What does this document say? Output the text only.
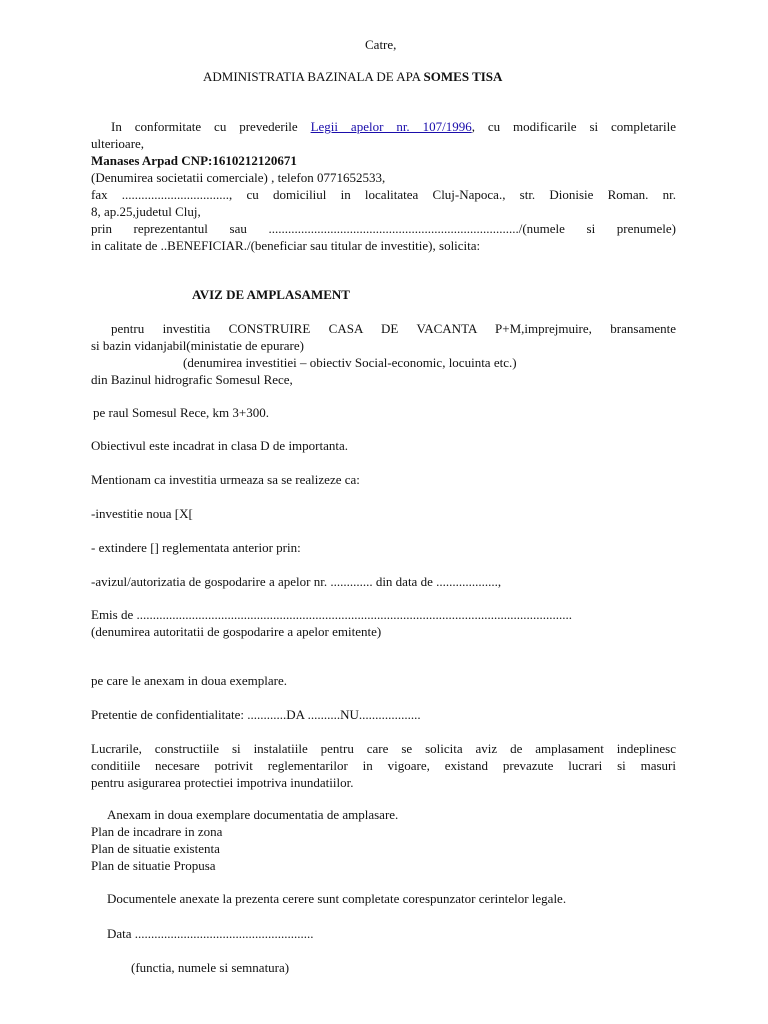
Catre,
ADMINISTRATIA BAZINALA DE APA SOMES TISA
In conformitate cu prevederile Legii apelor nr. 107/1996, cu modificarile si completarile
ulterioare,
Manases Arpad CNP:1610212120671
(Denumirea societatii comerciale) , telefon 0771652533,
fax ................................., cu domiciliul in localitatea Cluj-Napoca., str. Dionisie Roman. nr.
8, ap.25,judetul Cluj,
prin reprezentantul sau ............................................................................./(numele si prenumele)
in calitate de ..BENEFICIAR./(beneficiar sau titular de investitie), solicita:
AVIZ DE AMPLASAMENT
pentru investitia CONSTRUIRE CASA DE VACANTA P+M,imprejmuire, bransamente
si bazin vidanjabil(ministatie de epurare)
(denumirea investitiei – obiectiv Social-economic, locuinta etc.)
din Bazinul hidrografic Somesul Rece,
pe raul Somesul Rece, km 3+300.
Obiectivul este incadrat in clasa D de importanta.
Mentionam ca investitia urmeaza sa se realizeze ca:
-investitie noua [X[
- extindere [] reglementata anterior prin:
-avizul/autorizatia de gospodarire a apelor nr. ............. din data de ...................,
Emis de ......................................................................................................................................
(denumirea autoritatii de gospodarire a apelor emitente)
pe care le anexam in doua exemplare.
Pretentie de confidentialitate: ............DA ..........NU...................
Lucrarile, constructiile si instalatiile pentru care se solicita aviz de amplasament indeplinesc
conditiile necesare potrivit reglementarilor in vigoare, existand prevazute lucrari si masuri
pentru asigurarea protectiei impotriva inundatiilor.
Anexam in doua exemplare documentatia de amplasare.
Plan de incadrare in zona
Plan de situatie existenta
Plan de situatie Propusa
Documentele anexate la prezenta cerere sunt completate corespunzator cerintelor legale.
Data .......................................................
(functia, numele si semnatura)
